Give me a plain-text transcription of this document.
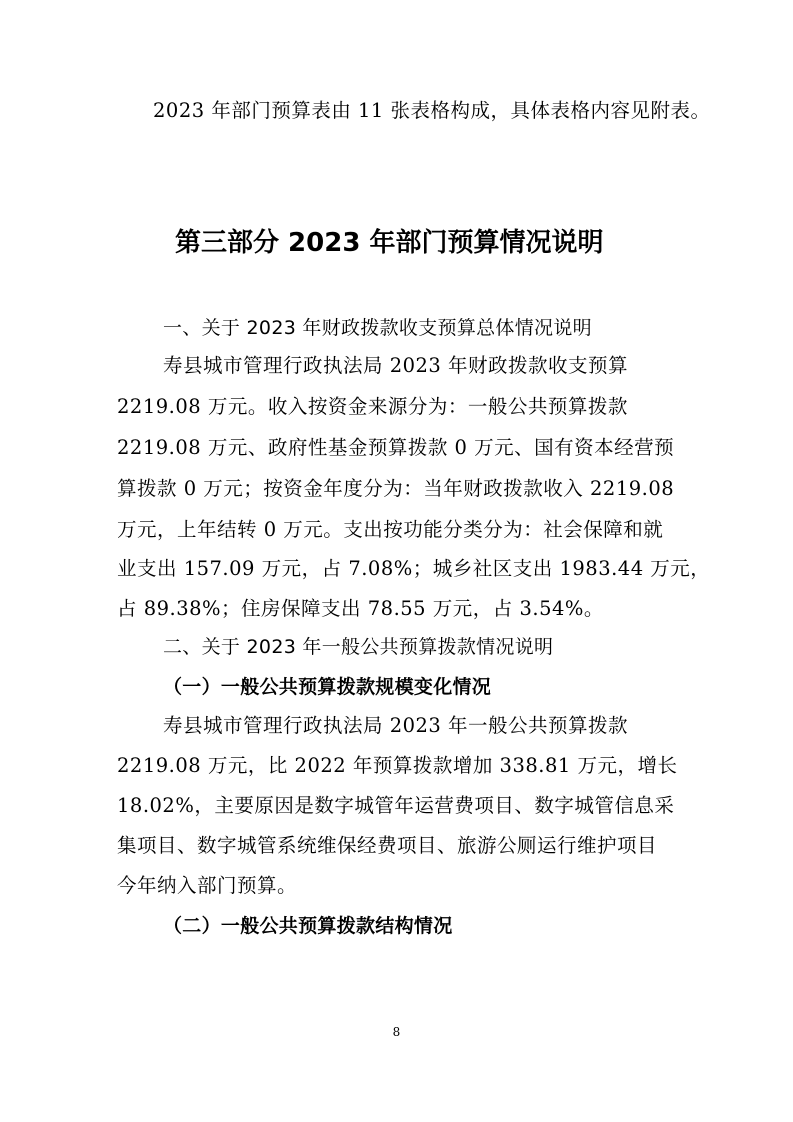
2023 年部门预算表由 11 张表格构成，具体表格内容见附表。
第三部分 2023 年部门预算情况说明
一、关于 2023 年财政拨款收支预算总体情况说明
寿县城市管理行政执法局 2023 年财政拨款收支预算
2219.08 万元。收入按资金来源分为：一般公共预算拨款
2219.08 万元、政府性基金预算拨款 0 万元、国有资本经营预
算拨款 0 万元；按资金年度分为：当年财政拨款收入 2219.08
万元，上年结转 0 万元。支出按功能分类分为：社会保障和就
业支出 157.09 万元，占 7.08%；城乡社区支出 1983.44 万元，
占 89.38%；住房保障支出 78.55 万元，占 3.54%。
二、关于 2023 年一般公共预算拨款情况说明
（一）一般公共预算拨款规模变化情况
寿县城市管理行政执法局 2023 年一般公共预算拨款
2219.08 万元，比 2022 年预算拨款增加 338.81 万元，增长
18.02%，主要原因是数字城管年运营费项目、数字城管信息采
集项目、数字城管系统维保经费项目、旅游公厕运行维护项目
今年纳入部门预算。
（二）一般公共预算拨款结构情况
8
